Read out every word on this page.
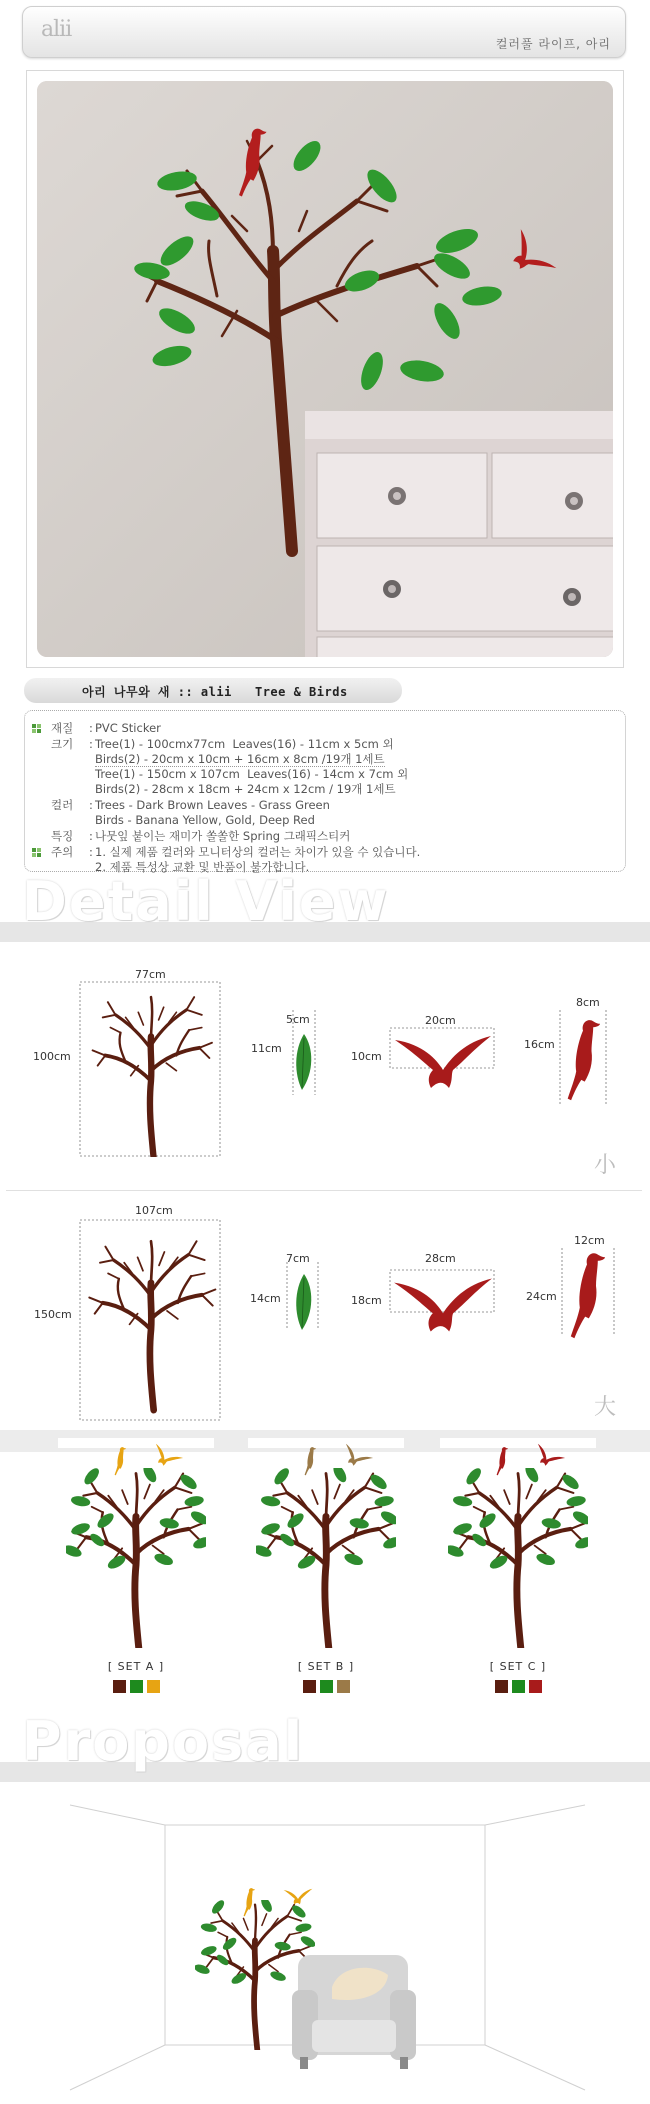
alii
컬러풀 라이프, 아리
아리 나무와 새 :: alii   Tree & Birds
재질	: PVC Sticker
크기	: Tree(1) - 100cmx77cm  Leaves(16) - 11cm x 5cm 외
Birds(2) - 20cm x 10cm + 16cm x 8cm /19개 1세트
Tree(1) - 150cm x 107cm  Leaves(16) - 14cm x 7cm 외
Birds(2) - 28cm x 18cm + 24cm x 12cm / 19개 1세트
컬러	: Trees - Dark Brown Leaves - Grass Green
Birds - Banana Yellow, Gold, Deep Red
특징	: 나뭇잎 붙이는 재미가 쏠쏠한 Spring 그래픽스티커
주의	: 1. 실제 제품 컬러와 모니터상의 컬러는 차이가 있을 수 있습니다.
2. 제품 특성상 교환 및 반품이 불가합니다.
Detail View
77cm
100cm
5cm
11cm
20cm
10cm
8cm
16cm
小
107cm
150cm
7cm
14cm
28cm
18cm
12cm
24cm
大
[ SET A ]	[ SET B ]	[ SET C ]
Proposal
